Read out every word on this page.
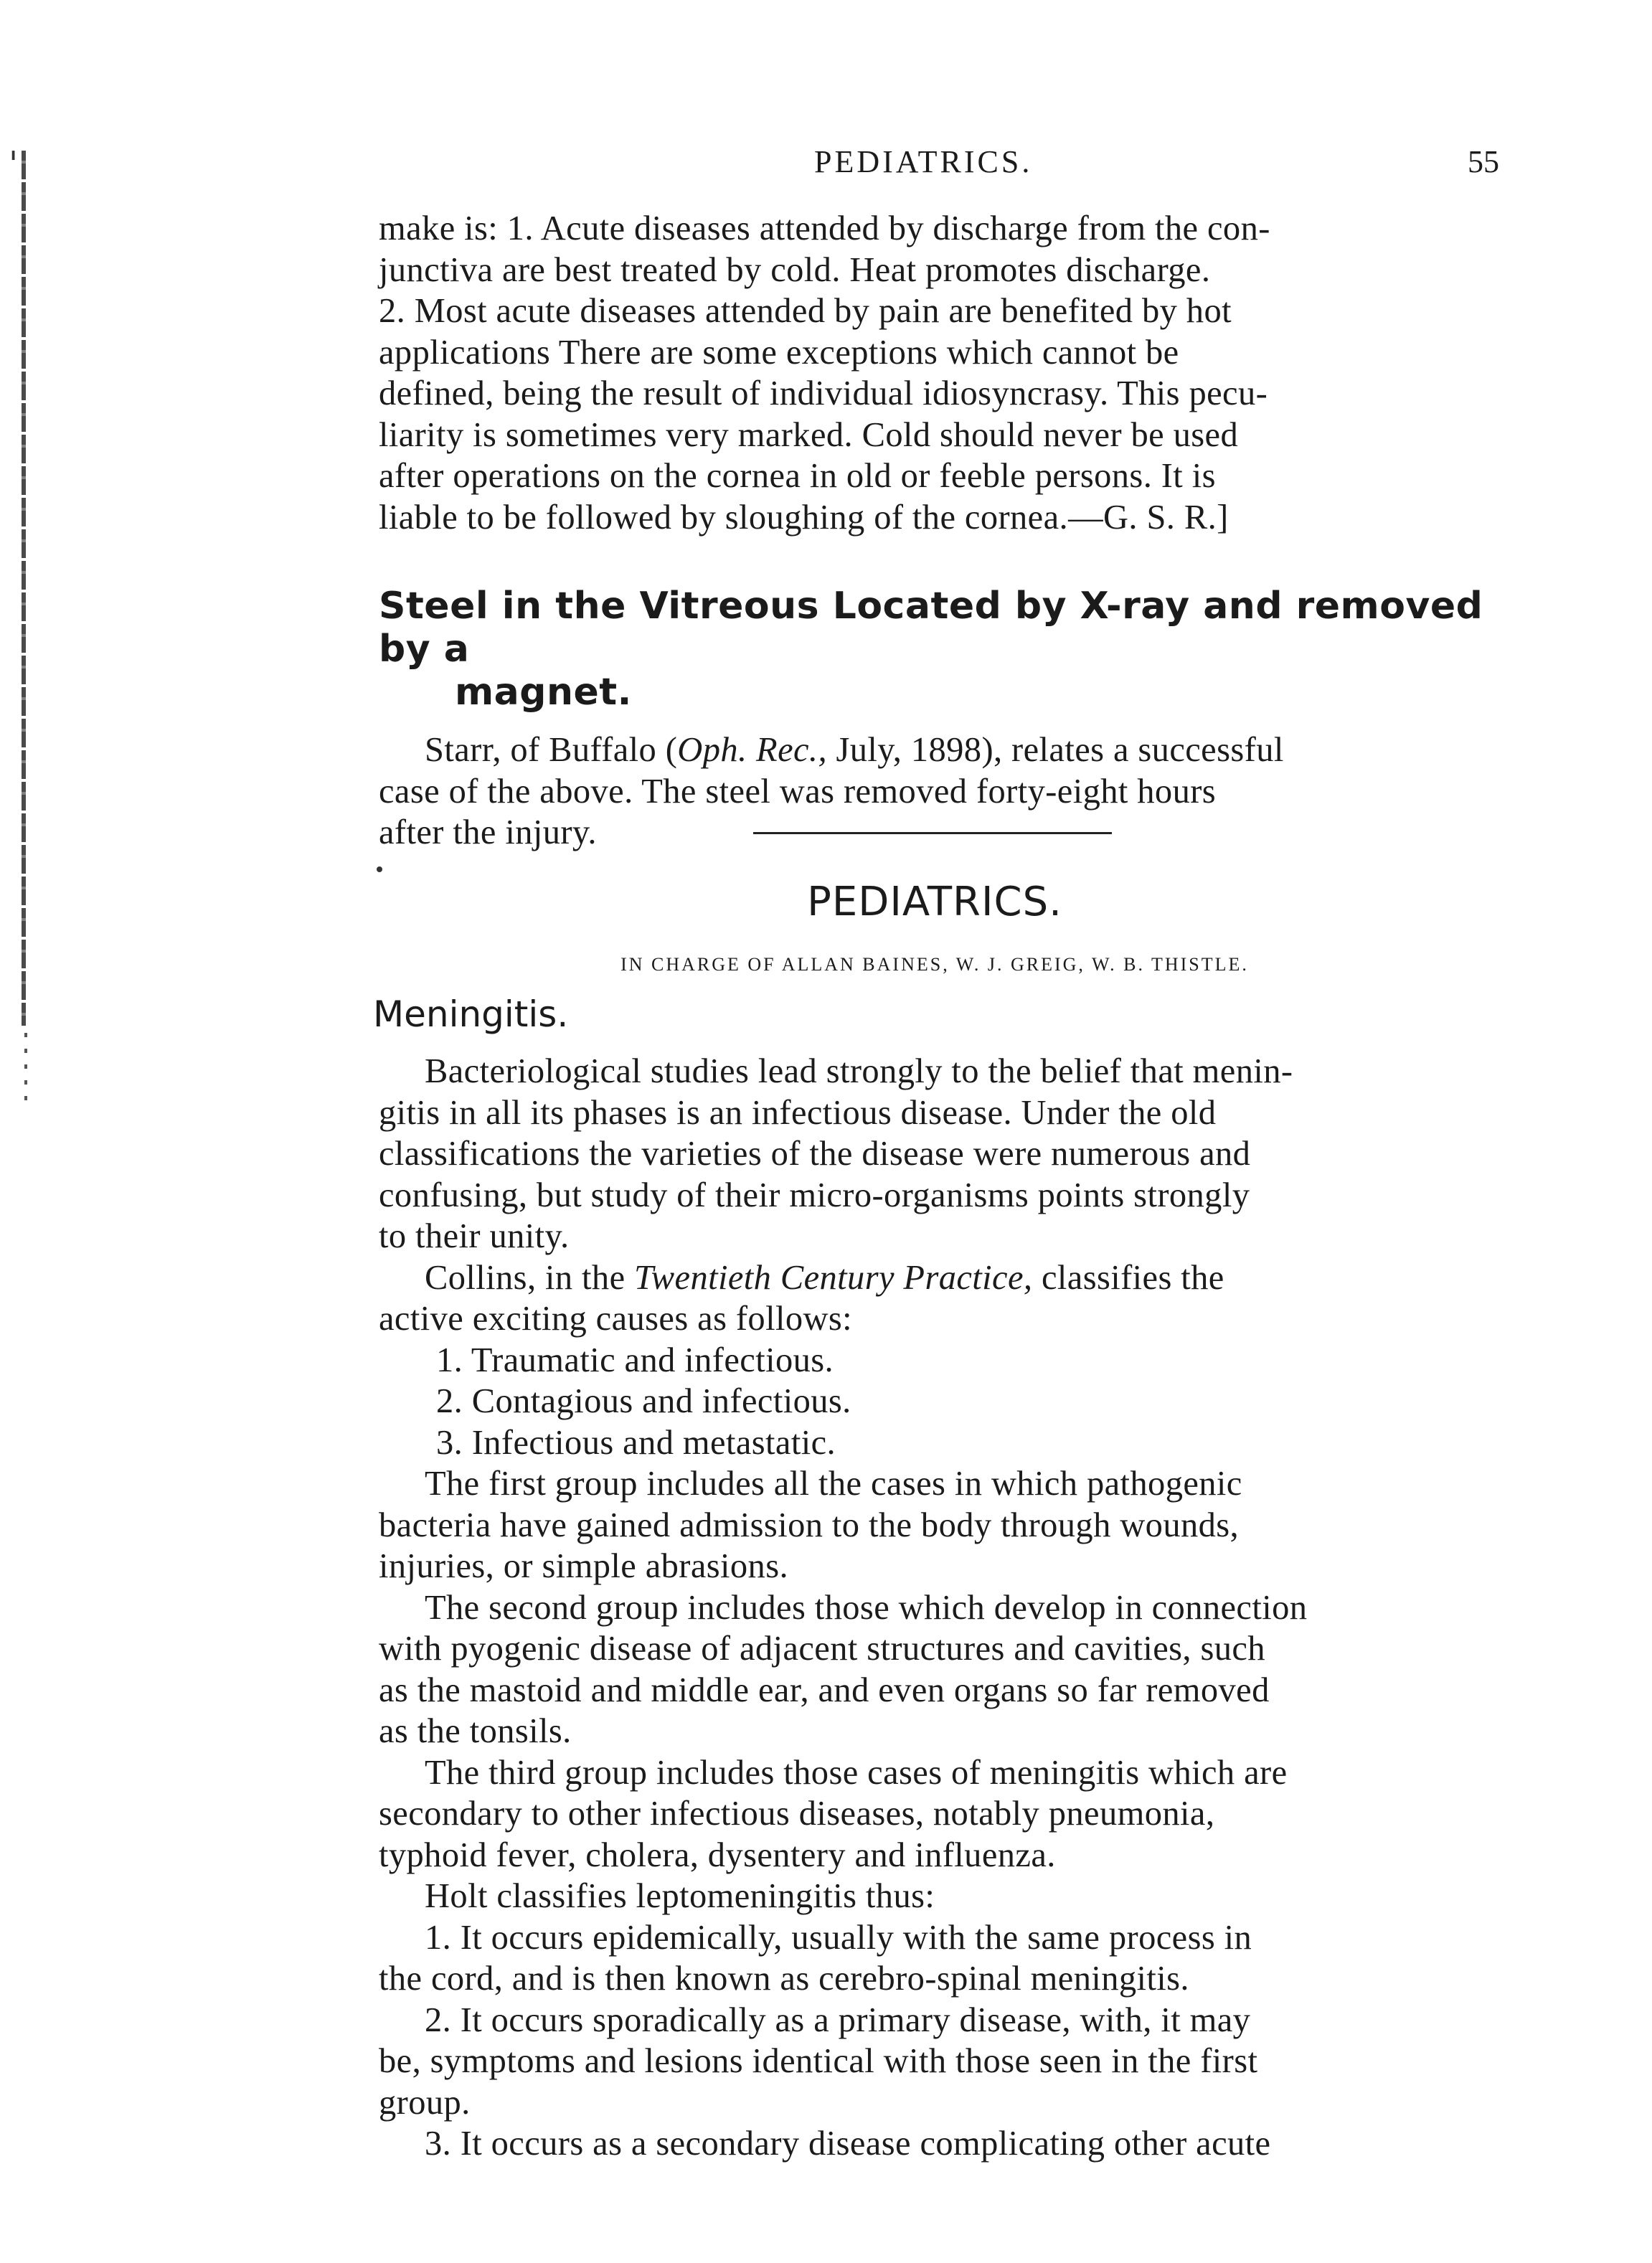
'	PEDIATRICS.	55

make is: 1. Acute diseases attended by discharge from the con-
junctiva are best treated by cold. Heat promotes discharge.
2. Most acute diseases attended by pain are benefited by hot
applications There are some exceptions which cannot be
defined, being the result of individual idiosyncrasy. This pecu-
liarity is sometimes very marked. Cold should never be used
after operations on the cornea in old or feeble persons. It is
liable to be followed by sloughing of the cornea.—G. S. R.]

Steel in the Vitreous Located by X-ray and removed by a
magnet.

Starr, of Buffalo (Oph. Rec., July, 1898), relates a successful

case of the above. The steel was removed forty-eight hours
after the injury.

PEDIATRICS.
IN CHARGE OF ALLAN BAINES, W. J. GREIG, W. B. THISTLE.
Meningitis.

Bacteriological studies lead strongly to the belief that menin-
gitis in all its phases is an infectious disease. Under the old
classifications the varieties of the disease were numerous and
confusing, but study of their micro-organisms points strongly
to their unity.
Collins, in the Twentieth Century Practice, classifies the
active exciting causes as follows:
1. Traumatic and infectious.
2. Contagious and infectious.
3. Infectious and metastatic.
The first group includes all the cases in which pathogenic
bacteria have gained admission to the body through wounds,
injuries, or simple abrasions.
The second group includes those which develop in connection
with pyogenic disease of adjacent structures and cavities, such
as the mastoid and middle ear, and even organs so far removed
as the tonsils.
The third group includes those cases of meningitis which are
secondary to other infectious diseases, notably pneumonia,
typhoid fever, cholera, dysentery and influenza.
Holt classifies leptomeningitis thus:
1. It occurs epidemically, usually with the same process in
the cord, and is then known as cerebro-spinal meningitis.
2. It occurs sporadically as a primary disease, with, it may
be, symptoms and lesions identical with those seen in the first
group.
3. It occurs as a secondary disease complicating other acute
